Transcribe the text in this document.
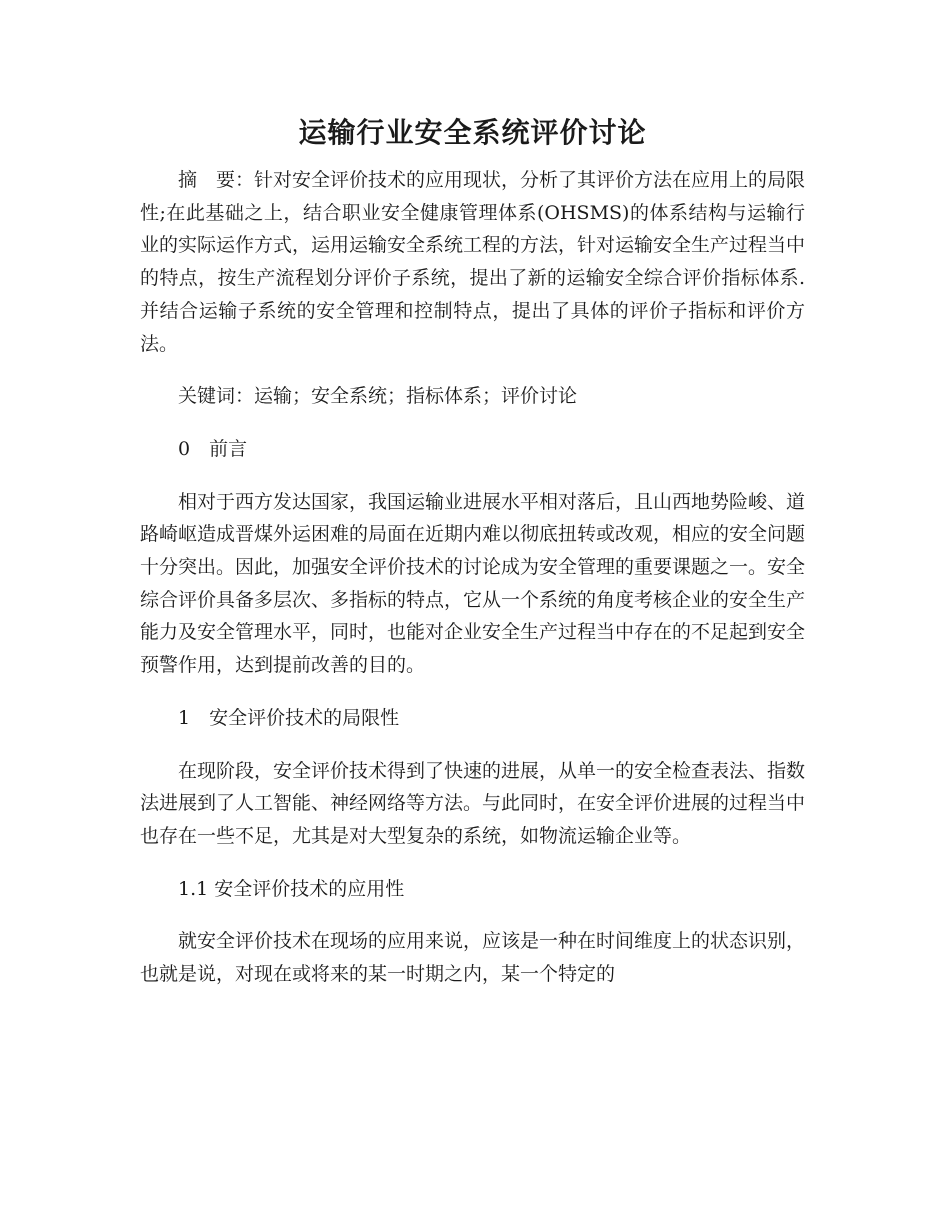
运输行业安全系统评价讨论

摘　要：针对安全评价技术的应用现状，分析了其评价方法在应用上的局限性;在此基础之上，结合职业安全健康管理体系(OHSMS)的体系结构与运输行业的实际运作方式，运用运输安全系统工程的方法，针对运输安全生产过程当中的特点，按生产流程划分评价子系统，提出了新的运输安全综合评价指标体系.并结合运输子系统的安全管理和控制特点，提出了具体的评价子指标和评价方法。

关键词：运输；安全系统；指标体系；评价讨论

0　前言

相对于西方发达国家，我国运输业进展水平相对落后，且山西地势险峻、道路崎岖造成晋煤外运困难的局面在近期内难以彻底扭转或改观，相应的安全问题十分突出。因此，加强安全评价技术的讨论成为安全管理的重要课题之一。安全综合评价具备多层次、多指标的特点，它从一个系统的角度考核企业的安全生产能力及安全管理水平，同时，也能对企业安全生产过程当中存在的不足起到安全预警作用，达到提前改善的目的。

1　安全评价技术的局限性

在现阶段，安全评价技术得到了快速的进展，从单一的安全检查表法、指数法进展到了人工智能、神经网络等方法。与此同时，在安全评价进展的过程当中也存在一些不足，尤其是对大型复杂的系统，如物流运输企业等。

1.1 安全评价技术的应用性

就安全评价技术在现场的应用来说，应该是一种在时间维度上的状态识别，也就是说，对现在或将来的某一时期之内，某一个特定的
